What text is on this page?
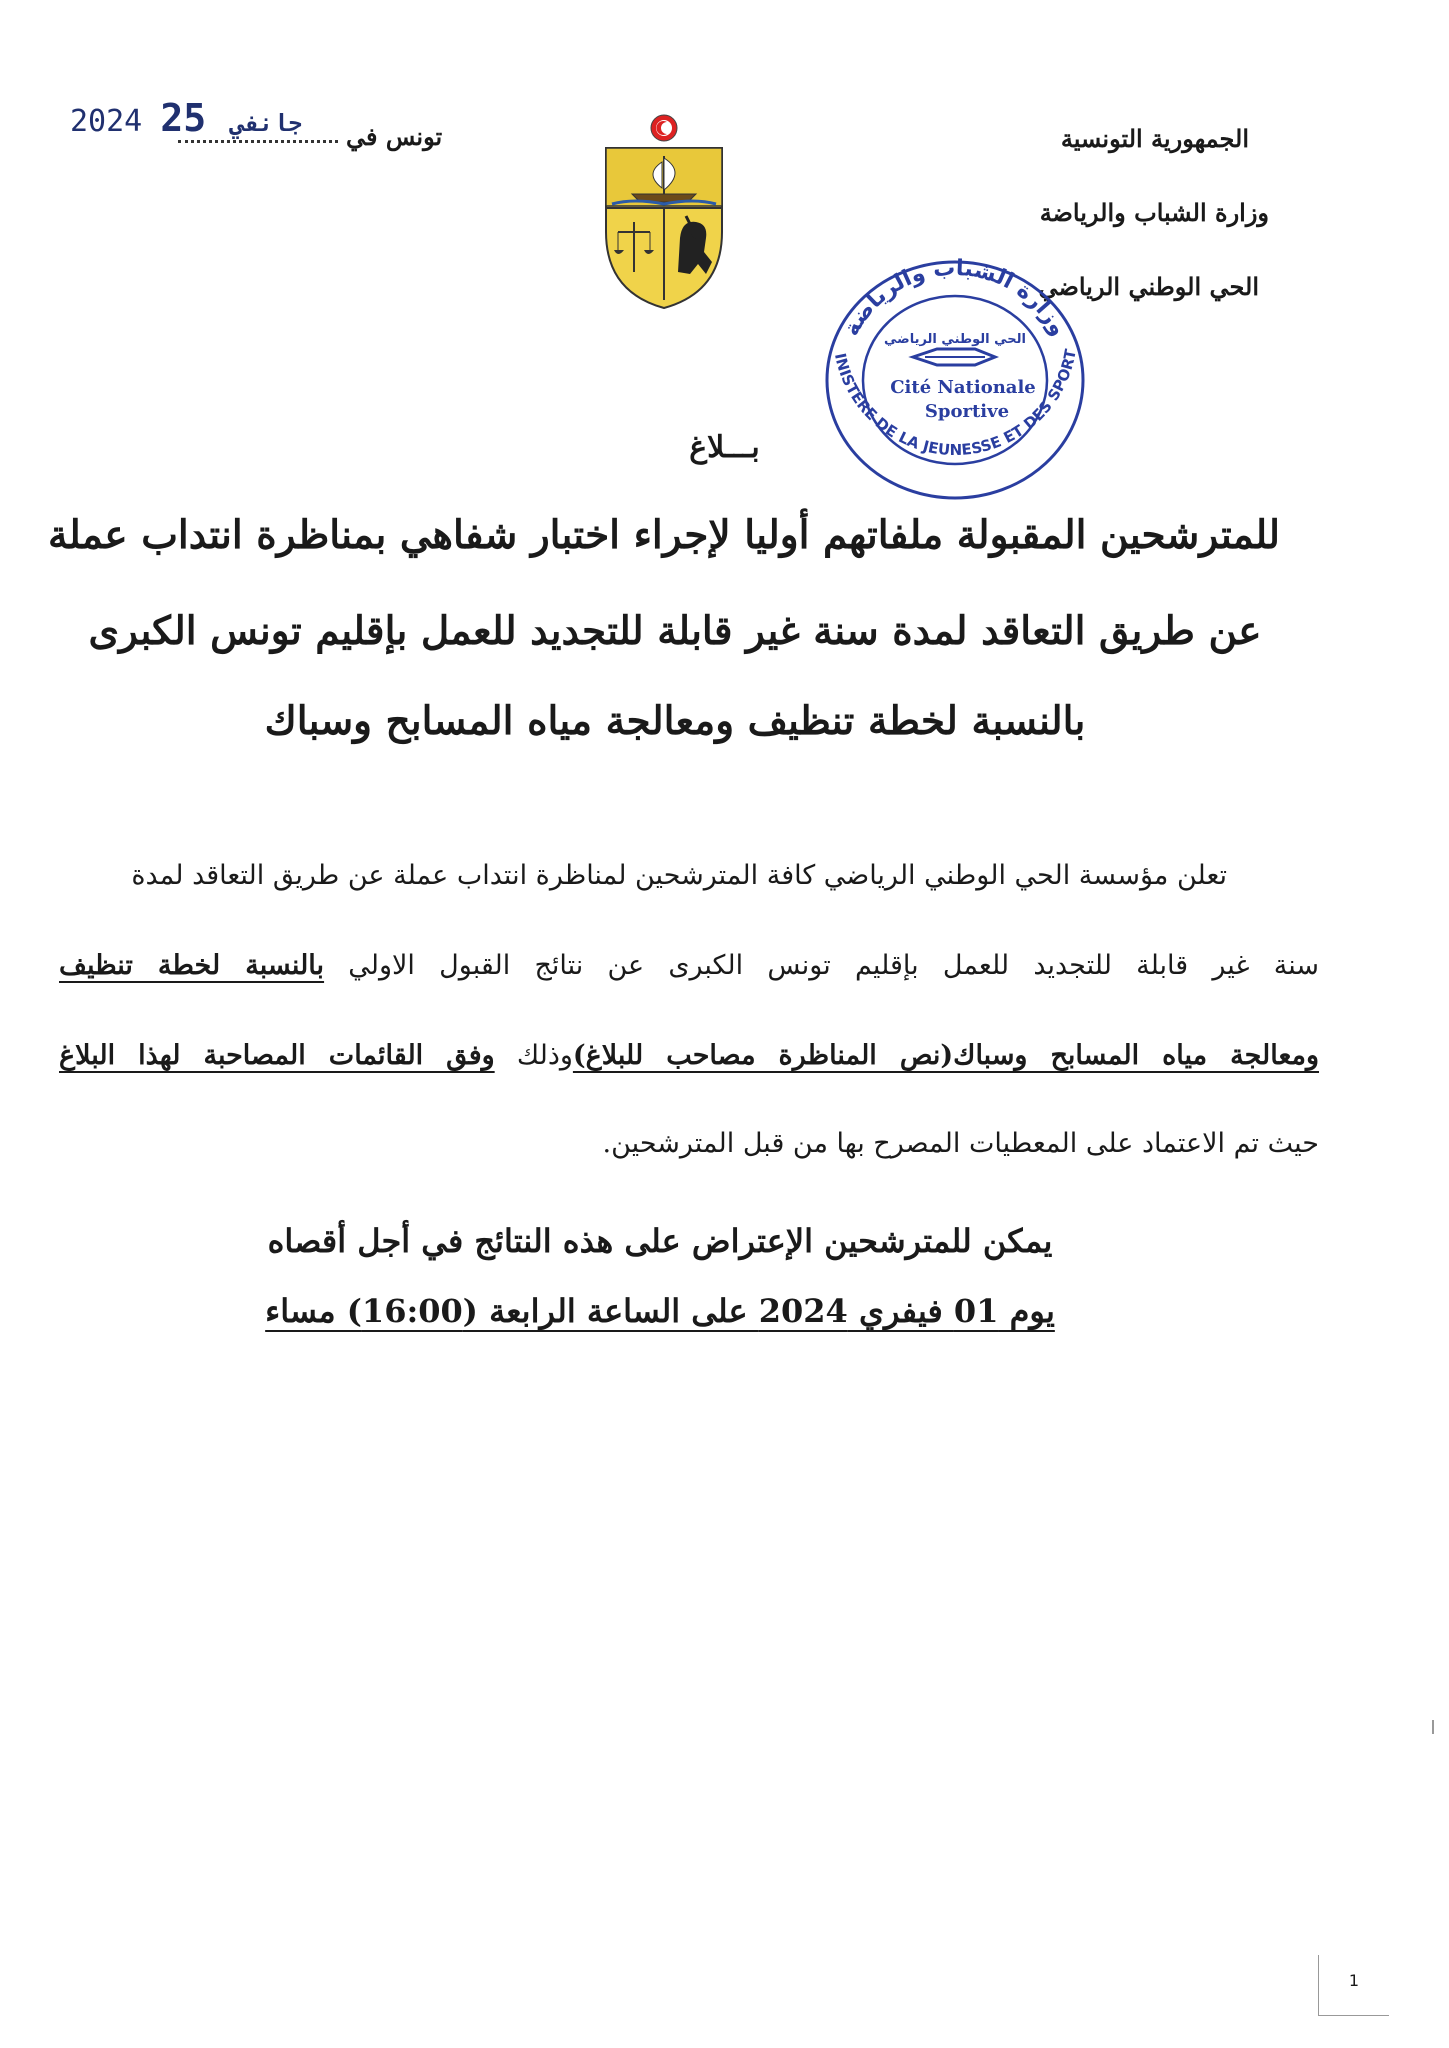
2024	جانفي 25	تونس في	الجمهورية التونسية
وزارة الشباب والرياضة
الحي الوطني الرياضي
وزارة الشباب والرياضة
INISTERE DE LA JEUNESSE ET DES SPORT
الحي الوطني الرياضي
Cité Nationale
Sportive
بـــلاغ
للمترشحين المقبولة ملفاتهم أوليا لإجراء اختبار شفاهي بمناظرة انتداب عملة
عن طريق التعاقد لمدة سنة غير قابلة للتجديد للعمل بإقليم تونس الكبرى
بالنسبة لخطة تنظيف ومعالجة مياه المسابح وسباك
تعلن مؤسسة الحي الوطني الرياضي كافة المترشحين لمناظرة انتداب عملة عن طريق التعاقد لمدة
سنة غير قابلة للتجديد للعمل بإقليم تونس الكبرى عن نتائج القبول الاولي بالنسبة لخطة تنظيف
ومعالجة مياه المسابح وسباك(نص المناظرة مصاحب للبلاغ)وذلك وفق القائمات المصاحبة لهذا البلاغ
حيث تم الاعتماد على المعطيات المصرح بها من قبل المترشحين.
يمكن للمترشحين الإعتراض على هذه النتائج في أجل أقصاه
يوم 01 فيفري 2024 على الساعة الرابعة (16:00) مساء
1
